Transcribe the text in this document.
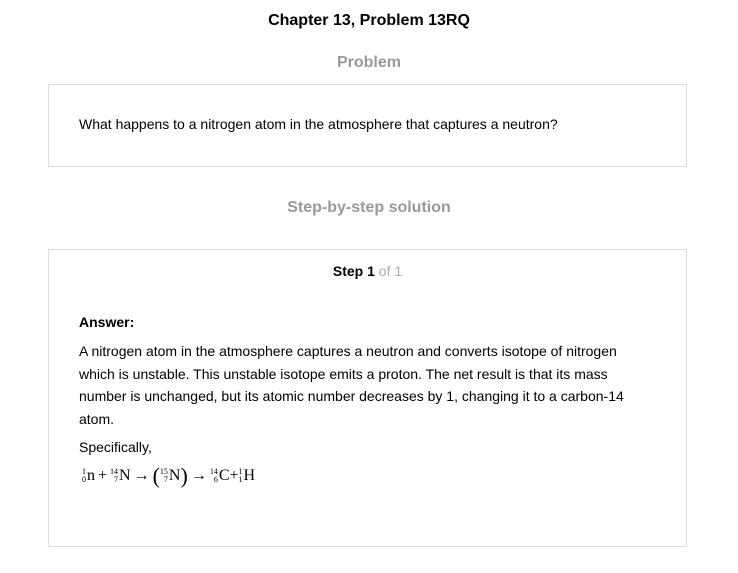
Chapter 13, Problem 13RQ
Problem
What happens to a nitrogen atom in the atmosphere that captures a neutron?
Step-by-step solution
Step 1 of 1
Answer:
A nitrogen atom in the atmosphere captures a neutron and converts isotope of nitrogen which is unstable. This unstable isotope emits a proton. The net result is that its mass number is unchanged, but its atomic number decreases by 1, changing it to a carbon-14 atom.
Specifically,
1
0 n + 14
7 N → ( 15
7 N ) → 14
6 C + 1
1 H
